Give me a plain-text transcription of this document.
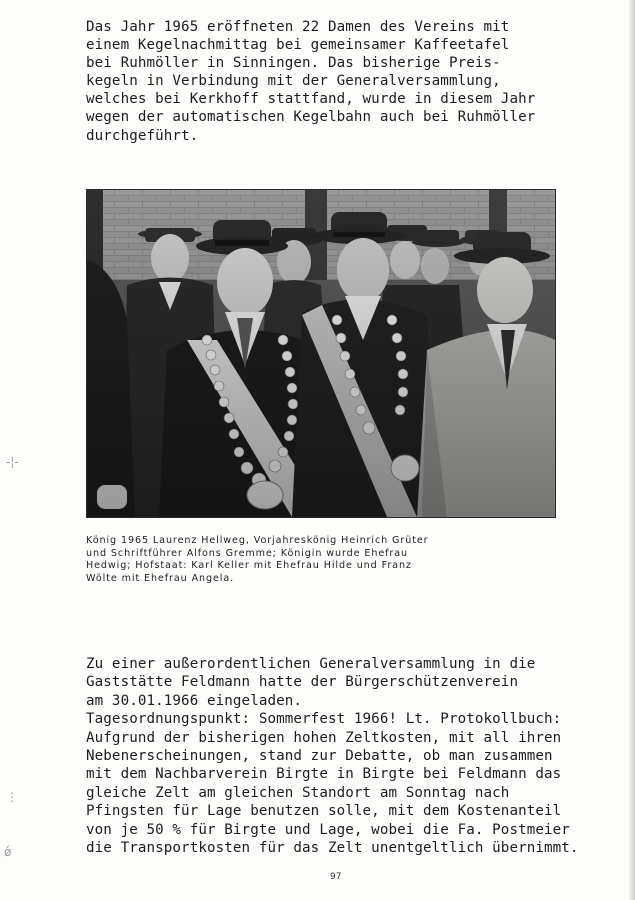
Das Jahr 1965 eröffneten 22 Damen des Vereins mit
einem Kegelnachmittag bei gemeinsamer Kaffeetafel
bei Ruhmöller in Sinningen. Das bisherige Preis-
kegeln in Verbindung mit der Generalversammlung,
welches bei Kerkhoff stattfand, wurde in diesem Jahr
wegen der automatischen Kegelbahn auch bei Ruhmöller
durchgeführt.

König 1965 Laurenz Hellweg, Vorjahreskönig Heinrich Grüter
und Schriftführer Alfons Gremme; Königin wurde Ehefrau
Hedwig; Hofstaat: Karl Keller mit Ehefrau Hilde und Franz
Wölte mit Ehefrau Angela.

Zu einer außerordentlichen Generalversammlung in die
Gaststätte Feldmann hatte der Bürgerschützenverein
am 30.01.1966 eingeladen.
Tagesordnungspunkt: Sommerfest 1966! Lt. Protokollbuch:
Aufgrund der bisherigen hohen Zeltkosten, mit all ihren
Nebenerscheinungen, stand zur Debatte, ob man zusammen
mit dem Nachbarverein Birgte in Birgte bei Feldmann das
gleiche Zelt am gleichen Standort am Sonntag nach
Pfingsten für Lage benutzen solle, mit dem Kostenanteil
von je 50 % für Birgte und Lage, wobei die Fa. Postmeier
die Transportkosten für das Zelt unentgeltlich übernimmt.

97
-¦-
⋮
ǿ
